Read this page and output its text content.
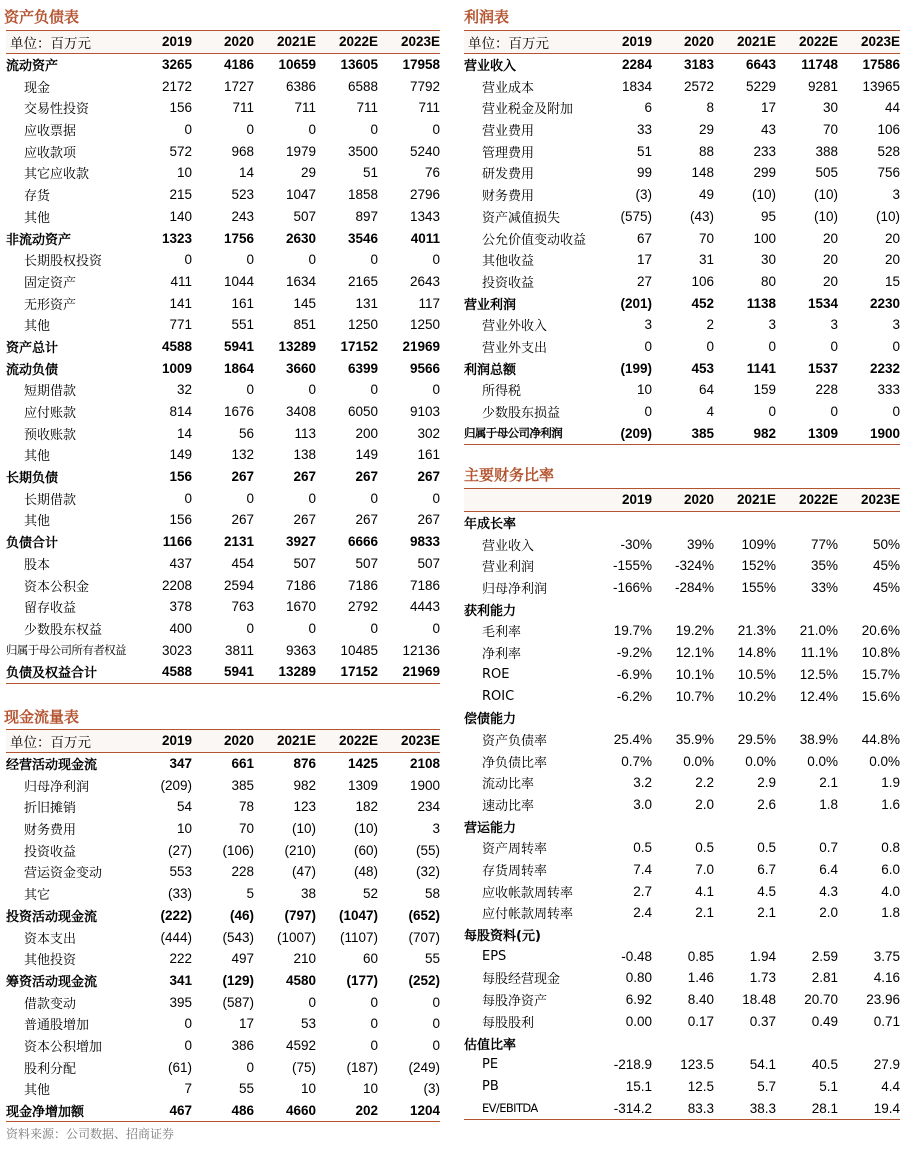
资产负债表
单位：百万元	2019	2020	2021E	2022E	2023E
流动资产	3265	4186	10659	13605	17958
现金	2172	1727	6386	6588	7792
交易性投资	156	711	711	711	711
应收票据	0	0	0	0	0
应收款项	572	968	1979	3500	5240
其它应收款	10	14	29	51	76
存货	215	523	1047	1858	2796
其他	140	243	507	897	1343
非流动资产	1323	1756	2630	3546	4011
长期股权投资	0	0	0	0	0
固定资产	411	1044	1634	2165	2643
无形资产	141	161	145	131	117
其他	771	551	851	1250	1250
资产总计	4588	5941	13289	17152	21969
流动负债	1009	1864	3660	6399	9566
短期借款	32	0	0	0	0
应付账款	814	1676	3408	6050	9103
预收账款	14	56	113	200	302
其他	149	132	138	149	161
长期负债	156	267	267	267	267
长期借款	0	0	0	0	0
其他	156	267	267	267	267
负债合计	1166	2131	3927	6666	9833
股本	437	454	507	507	507
资本公积金	2208	2594	7186	7186	7186
留存收益	378	763	1670	2792	4443
少数股东权益	400	0	0	0	0
归属于母公司所有者权益	3023	3811	9363	10485	12136
负债及权益合计	4588	5941	13289	17152	21969
现金流量表
单位：百万元	2019	2020	2021E	2022E	2023E
经营活动现金流	347	661	876	1425	2108
归母净利润	(209)	385	982	1309	1900
折旧摊销	54	78	123	182	234
财务费用	10	70	(10)	(10)	3
投资收益	(27)	(106)	(210)	(60)	(55)
营运资金变动	553	228	(47)	(48)	(32)
其它	(33)	5	38	52	58
投资活动现金流	(222)	(46)	(797)	(1047)	(652)
资本支出	(444)	(543)	(1007)	(1107)	(707)
其他投资	222	497	210	60	55
筹资活动现金流	341	(129)	4580	(177)	(252)
借款变动	395	(587)	0	0	0
普通股增加	0	17	53	0	0
资本公积增加	0	386	4592	0	0
股利分配	(61)	0	(75)	(187)	(249)
其他	7	55	10	10	(3)
现金净增加额	467	486	4660	202	1204
利润表
单位：百万元	2019	2020	2021E	2022E	2023E
营业收入	2284	3183	6643	11748	17586
营业成本	1834	2572	5229	9281	13965
营业税金及附加	6	8	17	30	44
营业费用	33	29	43	70	106
管理费用	51	88	233	388	528
研发费用	99	148	299	505	756
财务费用	(3)	49	(10)	(10)	3
资产减值损失	(575)	(43)	95	(10)	(10)
公允价值变动收益	67	70	100	20	20
其他收益	17	31	30	20	20
投资收益	27	106	80	20	15
营业利润	(201)	452	1138	1534	2230
营业外收入	3	2	3	3	3
营业外支出	0	0	0	0	0
利润总额	(199)	453	1141	1537	2232
所得税	10	64	159	228	333
少数股东损益	0	4	0	0	0
归属于母公司净利润	(209)	385	982	1309	1900
主要财务比率
	2019	2020	2021E	2022E	2023E
年成长率					
营业收入	-30%	39%	109%	77%	50%
营业利润	-155%	-324%	152%	35%	45%
归母净利润	-166%	-284%	155%	33%	45%
获利能力					
毛利率	19.7%	19.2%	21.3%	21.0%	20.6%
净利率	-9.2%	12.1%	14.8%	11.1%	10.8%
ROE	-6.9%	10.1%	10.5%	12.5%	15.7%
ROIC	-6.2%	10.7%	10.2%	12.4%	15.6%
偿债能力					
资产负债率	25.4%	35.9%	29.5%	38.9%	44.8%
净负债比率	0.7%	0.0%	0.0%	0.0%	0.0%
流动比率	3.2	2.2	2.9	2.1	1.9
速动比率	3.0	2.0	2.6	1.8	1.6
营运能力					
资产周转率	0.5	0.5	0.5	0.7	0.8
存货周转率	7.4	7.0	6.7	6.4	6.0
应收帐款周转率	2.7	4.1	4.5	4.3	4.0
应付帐款周转率	2.4	2.1	2.1	2.0	1.8
每股资料(元)					
EPS	-0.48	0.85	1.94	2.59	3.75
每股经营现金	0.80	1.46	1.73	2.81	4.16
每股净资产	6.92	8.40	18.48	20.70	23.96
每股股利	0.00	0.17	0.37	0.49	0.71
估值比率					
PE	-218.9	123.5	54.1	40.5	27.9
PB	15.1	12.5	5.7	5.1	4.4
EV/EBITDA	-314.2	83.3	38.3	28.1	19.4
资料来源：公司数据、招商证券
